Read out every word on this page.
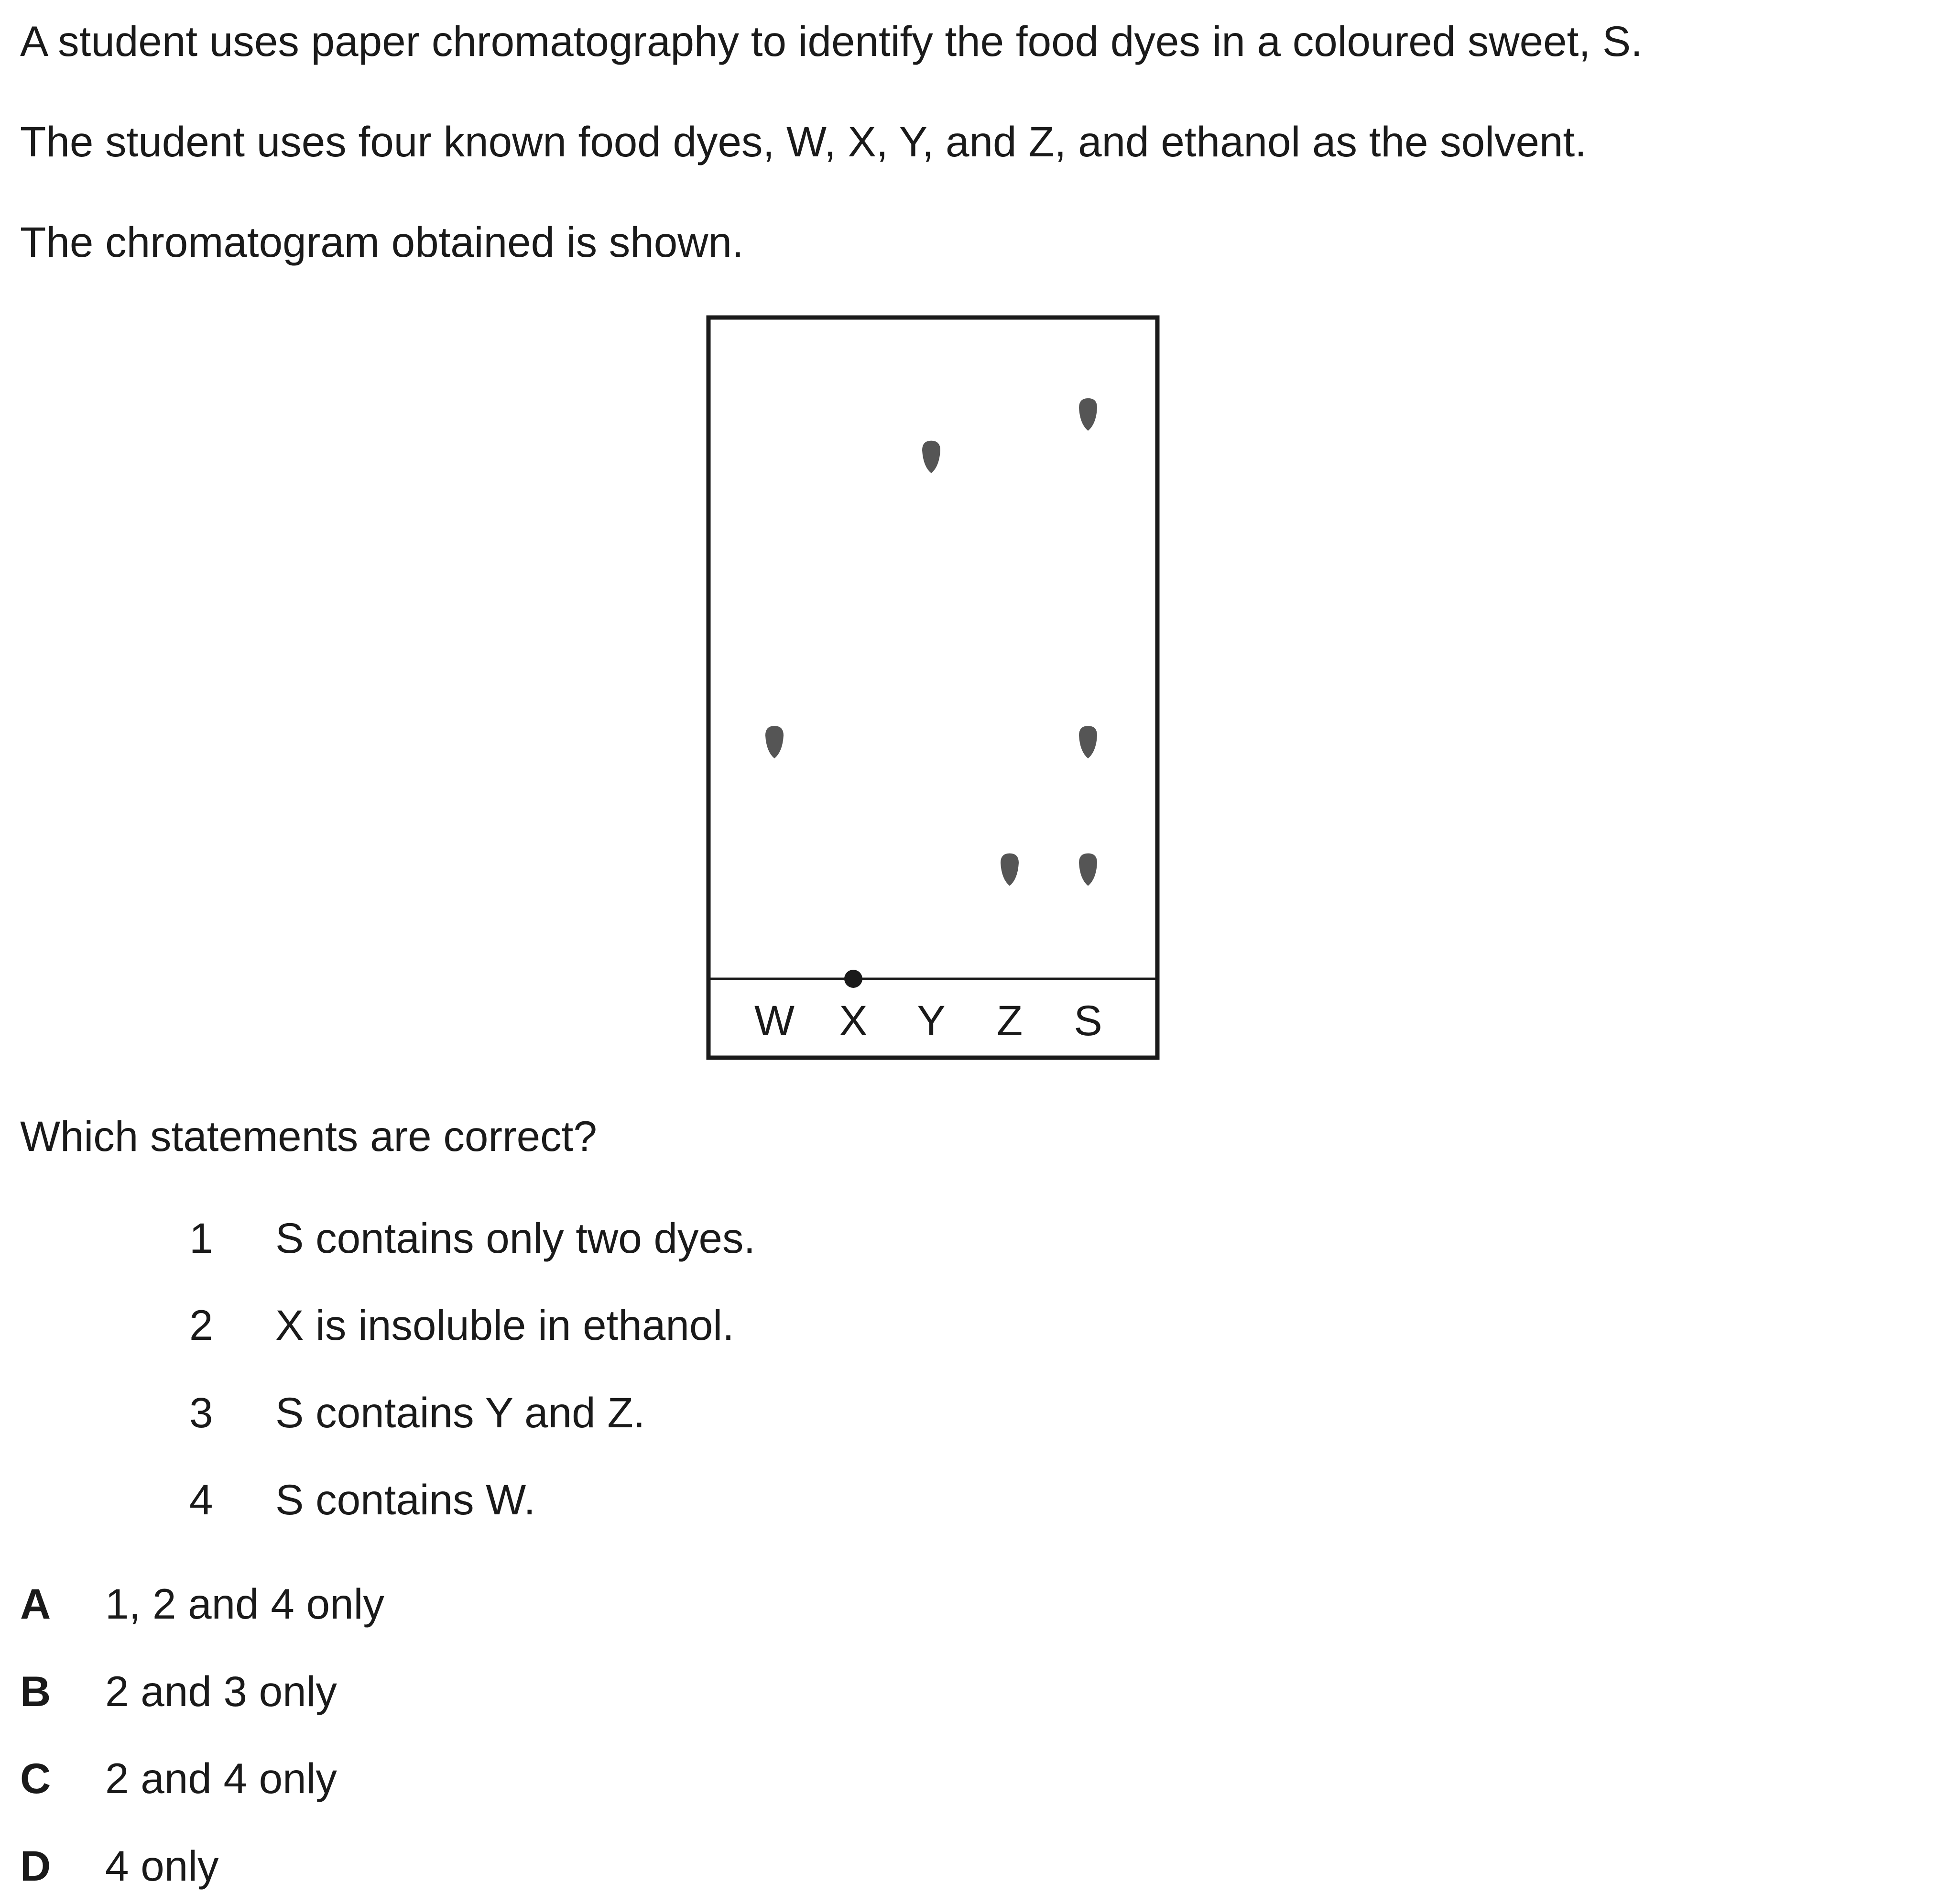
A student uses paper chromatography to identify the food dyes in a coloured sweet, S.

The student uses four known food dyes, W, X, Y, and Z, and ethanol as the solvent.

The chromatogram obtained is shown.

W X Y Z S

Which statements are correct?

1 S contains only two dyes.
2 X is insoluble in ethanol.
3 S contains Y and Z.
4 S contains W.
A 1, 2 and 4 only
B 2 and 3 only
C 2 and 4 only
D 4 only
